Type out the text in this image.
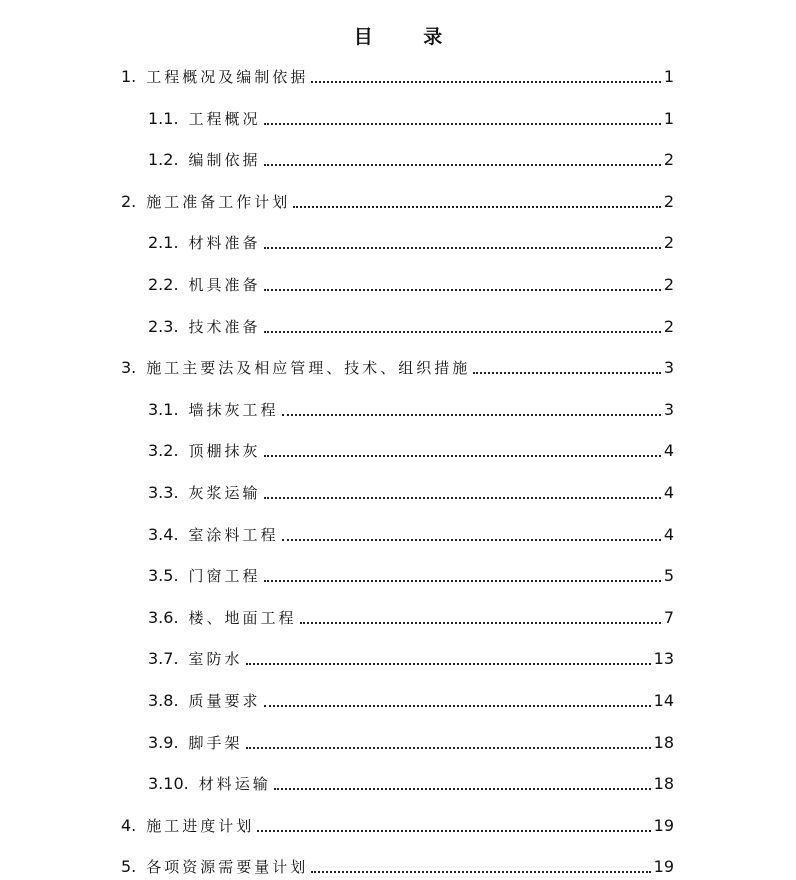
目 录
1. 工程概况及编制依据	1
1.1. 工程概况	1
1.2. 编制依据	2
2. 施工准备工作计划	2
2.1. 材料准备	2
2.2. 机具准备	2
2.3. 技术准备	2
3. 施工主要法及相应管理、技术、组织措施	3
3.1. 墙抹灰工程	3
3.2. 顶棚抹灰	4
3.3. 灰浆运输	4
3.4. 室涂料工程	4
3.5. 门窗工程	5
3.6. 楼、地面工程	7
3.7. 室防水	13
3.8. 质量要求	14
3.9. 脚手架	18
3.10. 材料运输	18
4. 施工进度计划	19
5. 各项资源需要量计划	19
